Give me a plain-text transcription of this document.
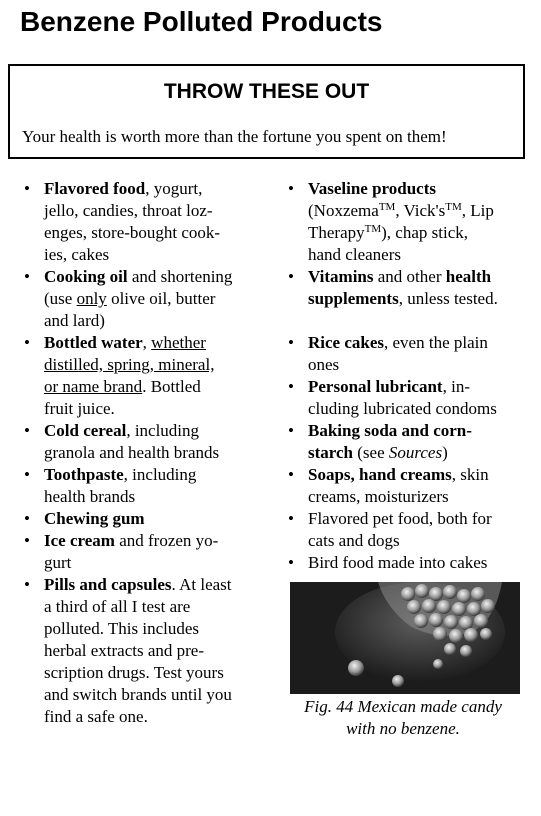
Benzene Polluted Products
THROW THESE OUT
Your health is worth more than the fortune you spent on them!
• Flavored food, yogurt,
jello, candies, throat loz-
enges, store-bought cook-
ies, cakes
• Cooking oil and shortening
(use only olive oil, butter
and lard)
• Bottled water, whether
distilled, spring, mineral,
or name brand. Bottled
fruit juice.
• Cold cereal, including
granola and health brands
• Toothpaste, including
health brands
• Chewing gum
• Ice cream and frozen yo-
gurt
• Pills and capsules. At least
a third of all I test are
polluted. This includes
herbal extracts and pre-
scription drugs. Test yours
and switch brands until you
find a safe one.
• Vaseline products
(Noxzema™, Vick's™, Lip
Therapy™), chap stick,
hand cleaners
• Vitamins and other health
supplements, unless tested.
• Rice cakes, even the plain
ones
• Personal lubricant, in-
cluding lubricated condoms
• Baking soda and corn-
starch (see Sources)
• Soaps, hand creams, skin
creams, moisturizers
• Flavored pet food, both for
cats and dogs
• Bird food made into cakes
Fig. 44 Mexican made candy
with no benzene.
